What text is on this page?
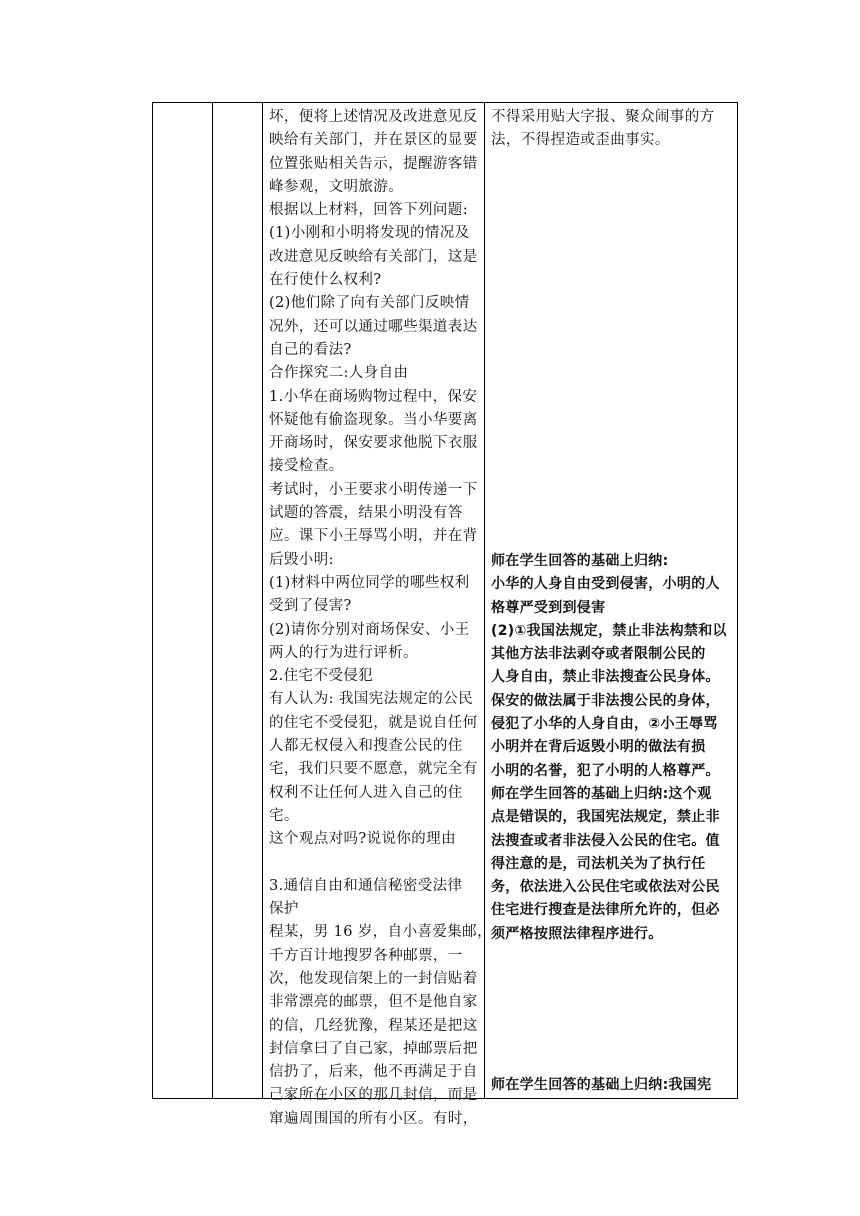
坏，便将上述情况及改进意见反
映给有关部门，并在景区的显要
位置张贴相关告示，提醒游客错
峰参观，文明旅游。
根据以上材料，回答下列问题:
(1)小刚和小明将发现的情况及
改进意见反映给有关部门，这是
在行使什么权利?
(2)他们除了向有关部门反映情
况外，还可以通过哪些渠道表达
自己的看法?
合作探究二:人身自由
1.小华在商场购物过程中，保安
怀疑他有偷盗现象。当小华要离
开商场时，保安要求他脱下衣服
接受检查。
考试时，小王要求小明传递一下
试题的答震，结果小明没有答
应。课下小王辱骂小明，并在背
后毁小明:
(1)材料中两位同学的哪些权利
受到了侵害?
(2)请你分别对商场保安、小王
两人的行为进行评析。
2.住宅不受侵犯
有人认为: 我国宪法规定的公民
的住宅不受侵犯，就是说自任何
人都无权侵入和搜查公民的住
宅，我们只要不愿意，就完全有
权利不让任何人进入自己的住
宅。
这个观点对吗?说说你的理由
3.通信自由和通信秘密受法律
保护
程某，男 16 岁，自小喜爱集邮，
千方百计地搜罗各种邮票，一
次，他发现信架上的一封信贴着
非常漂亮的邮票，但不是他自家
的信，几经犹豫，程某还是把这
封信拿曰了自己家，掉邮票后把
信扔了，后来，他不再满足于自
己家所在小区的那几封信，而是
窜遍周围国的所有小区。有时，
不得采用贴大字报、聚众闹事的方
法，不得捏造或歪曲事实。
师在学生回答的基础上归纳:
小华的人身自由受到侵害，小明的人
格尊严受到到侵害
(2)①我国法规定，禁止非法构禁和以
其他方法非法剥夺或者限制公民的
人身自由，禁止非法搜查公民身体。
保安的做法属于非法搜公民的身体，
侵犯了小华的人身自由，②小王辱骂
小明并在背后返毁小明的做法有损
小明的名誉，犯了小明的人格尊严。
师在学生回答的基础上归纳:这个观
点是错误的，我国宪法规定，禁止非
法搜查或者非法侵入公民的住宅。值
得注意的是，司法机关为了执行任
务，依法进入公民住宅或依法对公民
住宅进行搜查是法律所允许的，但必
须严格按照法律程序进行。
师在学生回答的基础上归纳:我国宪
